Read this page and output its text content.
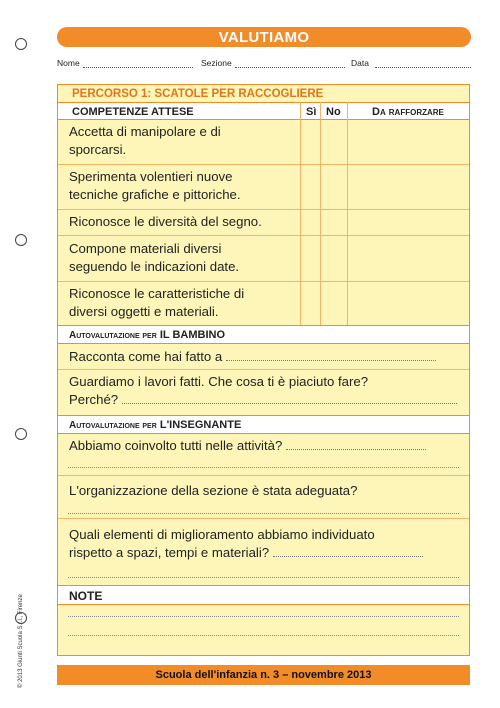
© 2013 Giunti Scuola S.r.l., Firenze
VALUTIAMO
Nome	Sezione	Data
PERCORSO 1: SCATOLE PER RACCOGLIERE
COMPETENZE ATTESE	Sì No	Da rafforzare
Accetta di manipolare e di
sporcarsi.
Sperimenta volentieri nuove
tecniche grafiche e pittoriche.
Riconosce le diversità del segno.
Compone materiali diversi
seguendo le indicazioni date.
Riconosce le caratteristiche di
diversi oggetti e materiali.
Autovalutazione per IL BAMBINO
Racconta come hai fatto a
Guardiamo i lavori fatti. Che cosa ti è piaciuto fare?
Perché?
Autovalutazione per L'INSEGNANTE
Abbiamo coinvolto tutti nelle attività?
L'organizzazione della sezione è stata adeguata?
Quali elementi di miglioramento abbiamo individuato
rispetto a spazi, tempi e materiali?
NOTE
Scuola dell'infanzia n. 3 – novembre 2013
